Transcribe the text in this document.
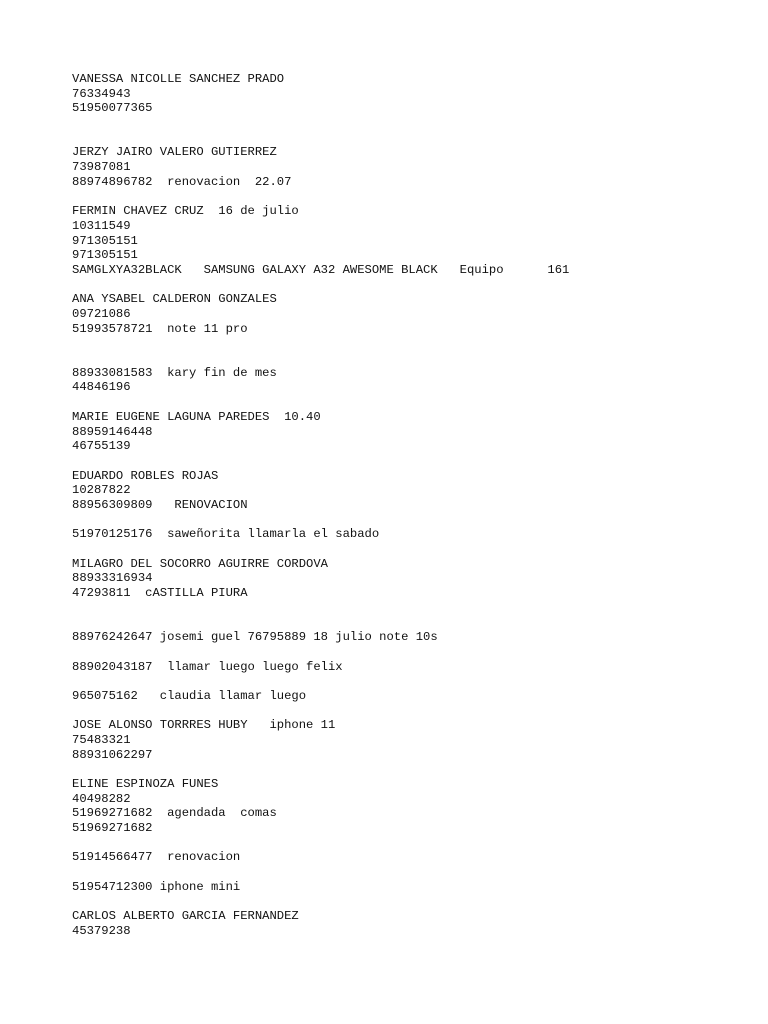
VANESSA NICOLLE SANCHEZ PRADO
76334943
51950077365
JERZY JAIRO VALERO GUTIERREZ
73987081
88974896782  renovacion  22.07
FERMIN CHAVEZ CRUZ  16 de julio
10311549
971305151
971305151
SAMGLXYA32BLACK   SAMSUNG GALAXY A32 AWESOME BLACK   Equipo      161
ANA YSABEL CALDERON GONZALES
09721086
51993578721  note 11 pro
88933081583  kary fin de mes
44846196
MARIE EUGENE LAGUNA PAREDES  10.40
88959146448
46755139
EDUARDO ROBLES ROJAS
10287822
88956309809   RENOVACION
51970125176  saweñorita llamarla el sabado
MILAGRO DEL SOCORRO AGUIRRE CORDOVA
88933316934
47293811  cASTILLA PIURA
88976242647 josemi guel 76795889 18 julio note 10s
88902043187  llamar luego luego felix
965075162   claudia llamar luego
JOSE ALONSO TORRRES HUBY   iphone 11
75483321
88931062297
ELINE ESPINOZA FUNES
40498282
51969271682  agendada  comas
51969271682
51914566477  renovacion
51954712300 iphone mini
CARLOS ALBERTO GARCIA FERNANDEZ
45379238
